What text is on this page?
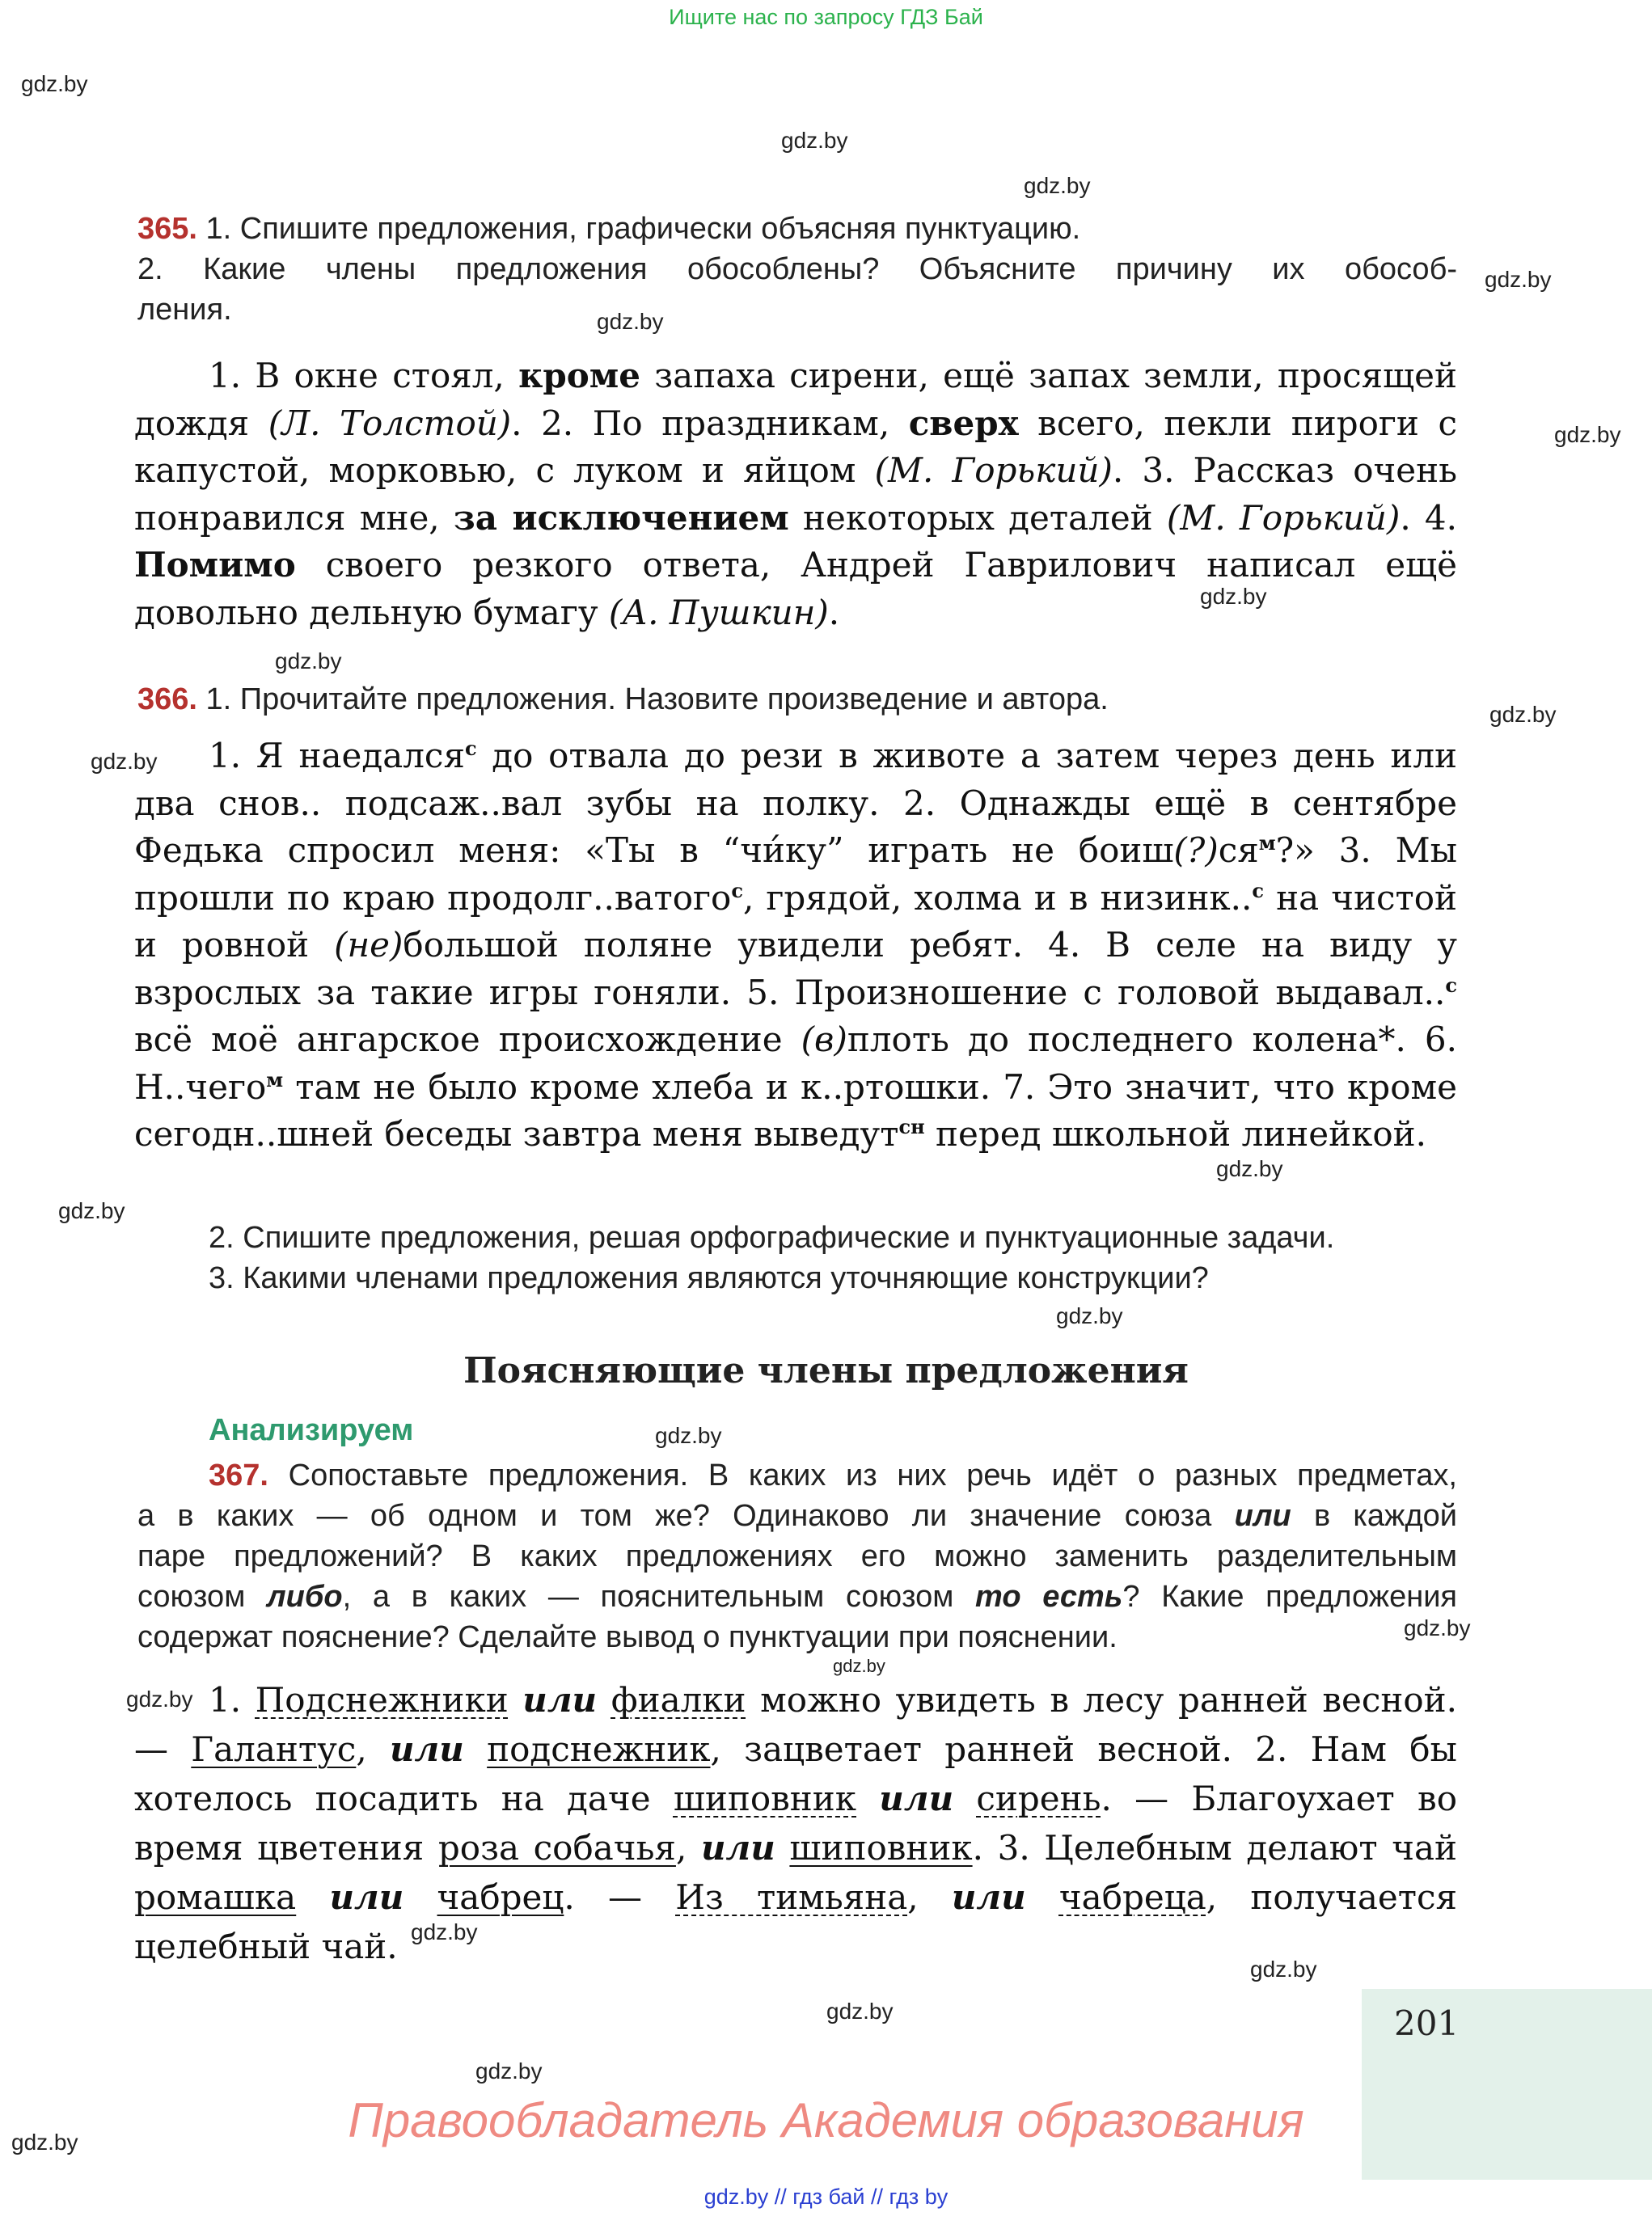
Ищите нас по запросу ГДЗ Бай
gdz.by
gdz.by
gdz.by
gdz.by
gdz.by
gdz.by
gdz.by
gdz.by
gdz.by
gdz.by
gdz.by
gdz.by
gdz.by
gdz.by
gdz.by
gdz.by
gdz.by
gdz.by
gdz.by
gdz.by
gdz.by
gdz.by
365. 1. Спишите предложения, графически объясняя пунктуацию.
2. Какие члены предложения обособлены? Объясните причину их обособ-
ления.
1. В окне стоял, кроме запаха сирени, ещё запах земли, просящей дождя (Л. Толстой). 2. По праздникам, сверх всего, пекли пироги с капустой, морковью, с луком и яйцом (М. Горький). 3. Рассказ очень понравился мне, за исключением некоторых деталей (М. Горький). 4. Помимо своего резкого ответа, Андрей Гаврилович написал ещё довольно дельную бумагу (А. Пушкин).
366. 1. Прочитайте предложения. Назовите произведение и автора.
1. Я наедался$^с$ до отвала до рези в животе а затем через день или два снов.. подсаж..вал зубы на полку. 2. Однажды ещё в сентябре Федька спросил меня: «Ты в “чи́ку” играть не $боиш(?)ся^м$?» 3. Мы прошли по краю продолг..ватого$^с$, грядой, холма и в низинк..$^с$ на чистой и ровной (не)большой поляне увидели ребят. 4. В селе на виду у взрослых за такие игры гоняли. 5. Произношение с головой выдавал..$^с$ всё моё ангарское происхождение (в)плоть до последнего колена*. 6. Н..чего$^м$ там не было кроме хлеба и к..ртошки. 7. Это значит, что кроме сегодн..шней беседы завтра меня выведут$^{сн}$ перед школьной линейкой.
2. Спишите предложения, решая орфографические и пунктуационные задачи.
3. Какими членами предложения являются уточняющие конструкции?
Поясняющие члены предложения
Анализируем
367. Сопоставьте предложения. В каких из них речь идёт о разных предметах,
а в каких — об одном и том же? Одинаково ли значение союза или в каждой
паре предложений? В каких предложениях его можно заменить разделительным
союзом либо, а в каких — пояснительным союзом то есть? Какие предложения
содержат пояснение? Сделайте вывод о пунктуации при пояснении.
1. Подснежники или фиалки можно увидеть в лесу ранней весной. — Галантус, или подснежник, зацветает ранней весной. 2. Нам бы хотелось посадить на даче шиповник или сирень. — Благоухает во время цветения роза собачья, или шиповник. 3. Целебным делают чай ромашка или чабрец. — Из тимьяна, или чабреца, получается целебный чай.
201
Правообладатель Академия образования
gdz.by // гдз бай // гдз by
